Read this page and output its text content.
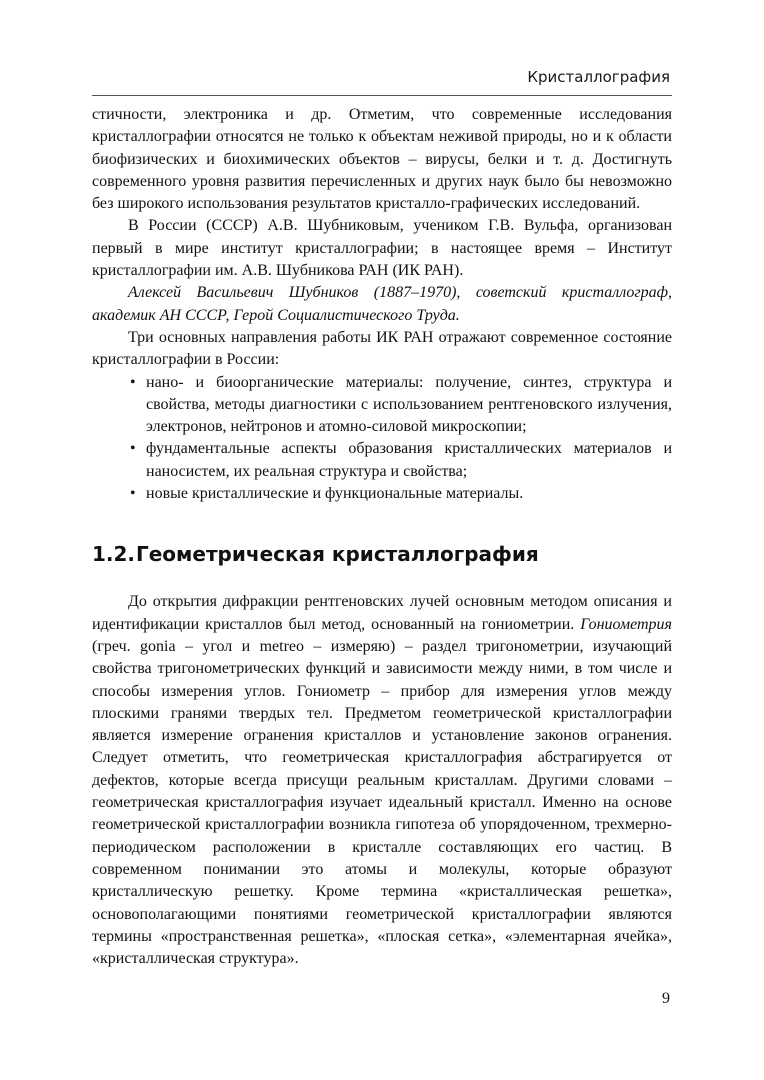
Кристаллография

стичности, электроника и др. Отметим, что современные исследования кристаллографии относятся не только к объектам неживой природы, но и к области биофизических и биохимических объектов – вирусы, белки и т. д. Достигнуть современного уровня развития перечисленных и других наук было бы невозможно без широкого использования результатов кристалло-графических исследований.

В России (СССР) А.В. Шубниковым, учеником Г.В. Вульфа, организован первый в мире институт кристаллографии; в настоящее время – Институт кристаллографии им. А.В. Шубникова РАН (ИК РАН).

Алексей Васильевич Шубников (1887–1970), советский кристаллограф, академик АН СССР, Герой Социалистического Труда.

Три основных направления работы ИК РАН отражают современное состояние кристаллографии в России:

• нано- и биоорганические материалы: получение, синтез, структура и свойства, методы диагностики с использованием рентгеновского излучения, электронов, нейтронов и атомно-силовой микроскопии;
• фундаментальные аспекты образования кристаллических материалов и наносистем, их реальная структура и свойства;
• новые кристаллические и функциональные материалы.
1.2.Геометрическая кристаллография

До открытия дифракции рентгеновских лучей основным методом описания и идентификации кристаллов был метод, основанный на гониометрии. Гониометрия (греч. gonia – угол и metreo – измеряю) – раздел тригонометрии, изучающий свойства тригонометрических функций и зависимости между ними, в том числе и способы измерения углов. Гониометр – прибор для измерения углов между плоскими гранями твердых тел. Предметом геометрической кристаллографии является измерение огранения кристаллов и установление законов огранения. Следует отметить, что геометрическая кристаллография абстрагируется от дефектов, которые всегда присущи реальным кристаллам. Другими словами – геометрическая кристаллография изучает идеальный кристалл. Именно на основе геометрической кристаллографии возникла гипотеза об упорядоченном, трехмерно-периодическом расположении в кристалле составляющих его частиц. В современном понимании это атомы и молекулы, которые образуют кристаллическую решетку. Кроме термина «кристаллическая решетка», основополагающими понятиями геометрической кристаллографии являются термины «пространственная решетка», «плоская сетка», «элементарная ячейка», «кристаллическая структура».

9
